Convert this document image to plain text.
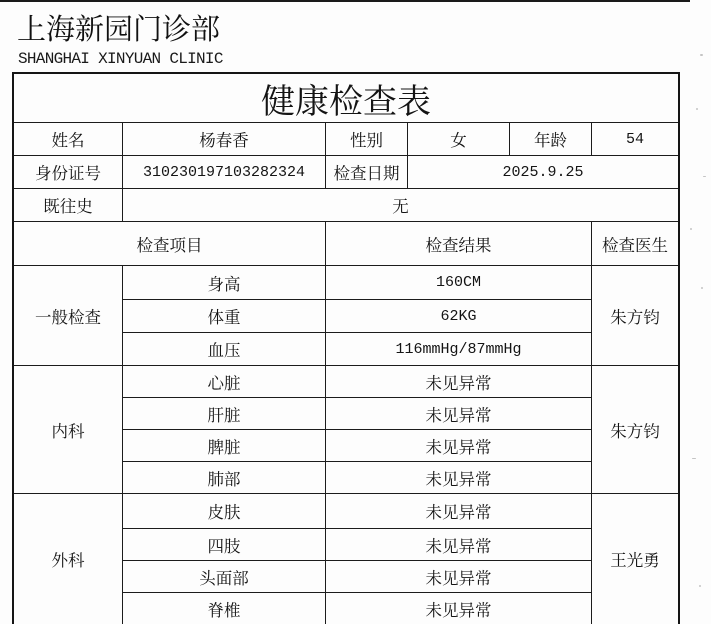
上海新园门诊部
SHANGHAI XINYUAN CLINIC
健康检查表
姓名	杨春香	性别	女	年龄	54
身份证号	310230197103282324	检查日期	2025.9.25
既往史	无
检查项目	检查结果	检查医生
一般检查
身高	160CM
体重	62KG
血压	116mmHg/87mmHg
朱方钧
内科
心脏	未见异常
肝脏	未见异常
脾脏	未见异常
肺部	未见异常
朱方钧
外科
皮肤	未见异常
四肢	未见异常
头面部	未见异常
脊椎	未见异常
王光勇
